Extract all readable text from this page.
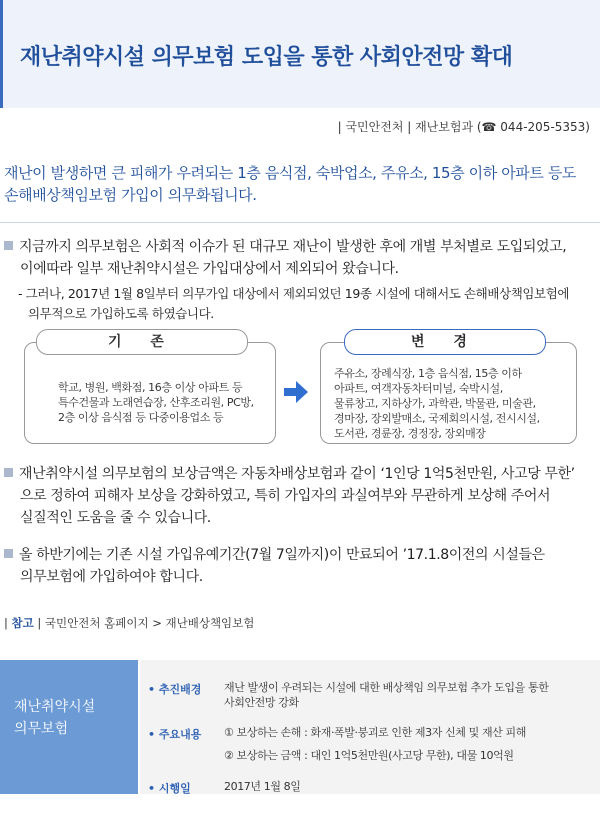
재난취약시설 의무보험 도입을 통한 사회안전망 확대
| 국민안전처 | 재난보험과 (☎ 044-205-5353)
재난이 발생하면 큰 피해가 우려되는 1층 음식점, 숙박업소, 주유소, 15층 이하 아파트 등도
손해배상책임보험 가입이 의무화됩니다.
지금까지 의무보험은 사회적 이슈가 된 대규모 재난이 발생한 후에 개별 부처별로 도입되었고,
이에따라 일부 재난취약시설은 가입대상에서 제외되어 왔습니다.
- 그러나, 2017년 1월 8일부터 의무가입 대상에서 제외되었던 19종 시설에 대해서도 손해배상책임보험에
의무적으로 가입하도록 하였습니다.
기 존
학교, 병원, 백화점, 16층 이상 아파트 등
특수건물과 노래연습장, 산후조리원, PC방,
2층 이상 음식점 등 다중이용업소 등
변 경
주유소, 장례식장, 1층 음식점, 15층 이하
아파트, 여객자동차터미널, 숙박시설,
물류창고, 지하상가, 과학관, 박물관, 미술관,
경마장, 장외발매소, 국제회의시설, 전시시설,
도서관, 경륜장, 경정장, 장외매장
재난취약시설 의무보험의 보상금액은 자동차배상보험과 같이 ‘1인당 1억5천만원, 사고당 무한’
으로 정하여 피해자 보상을 강화하였고, 특히 가입자의 과실여부와 무관하게 보상해 주어서
실질적인 도움을 줄 수 있습니다.
올 하반기에는 기존 시설 가입유예기간(7월 7일까지)이 만료되어 ’17.1.8이전의 시설들은
의무보험에 가입하여야 합니다.
| 참고 | 국민안전처 홈페이지 > 재난배상책임보험
재난취약시설
의무보험
• 추진배경 재난 발생이 우려되는 시설에 대한 배상책임 의무보험 추가 도입을 통한
사회안전망 강화
• 주요내용 ① 보상하는 손해 : 화재·폭발·붕괴로 인한 제3자 신체 및 재산 피해
② 보상하는 금액 : 대인 1억5천만원(사고당 무한), 대물 10억원
• 시행일	2017년 1월 8일
